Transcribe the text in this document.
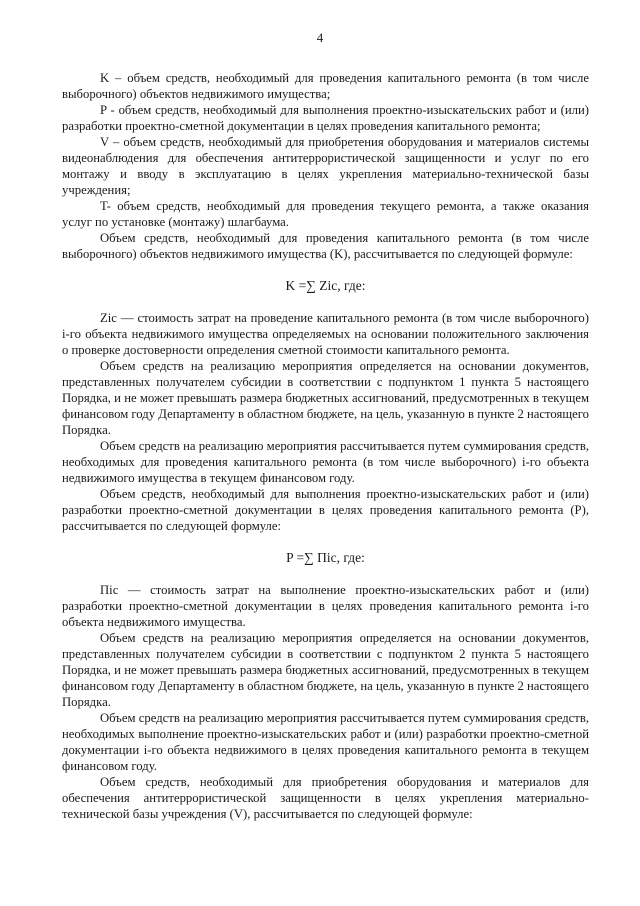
4

K – объем средств, необходимый для проведения капитального ремонта (в том числе выборочного) объектов недвижимого имущества;

P - объем средств, необходимый для выполнения проектно-изыскательских работ и (или) разработки проектно-сметной документации в целях проведения капитального ремонта;

V – объем средств, необходимый для приобретения оборудования и материалов системы видеонаблюдения для обеспечения антитеррористической защищенности и услуг по его монтажу и вводу в эксплуатацию в целях укрепления материально-технической базы учреждения;

T- объем средств, необходимый для проведения текущего ремонта, а также оказания услуг по установке (монтажу) шлагбаума.

Объем средств, необходимый для проведения капитального ремонта (в том числе выборочного) объектов недвижимого имущества (K), рассчитывается по следующей формуле:

K =∑ Zic, где:

Zic — стоимость затрат на проведение капитального ремонта (в том числе выборочного) i-го объекта недвижимого имущества определяемых на основании положительного заключения о проверке достоверности определения сметной стоимости капитального ремонта.

Объем средств на реализацию мероприятия определяется на основании документов, представленных получателем субсидии в соответствии с подпунктом 1 пункта 5 настоящего Порядка, и не может превышать размера бюджетных ассигнований, предусмотренных в текущем финансовом году Департаменту в областном бюджете, на цель, указанную в пункте 2 настоящего Порядка.

Объем средств на реализацию мероприятия рассчитывается путем суммирования средств, необходимых для проведения капитального ремонта (в том числе выборочного) i-го объекта недвижимого имущества в текущем финансовом году.

Объем средств, необходимый для выполнения проектно-изыскательских работ и (или) разработки проектно-сметной документации в целях проведения капитального ремонта (P), рассчитывается по следующей формуле:

P =∑ Пic, где:

Пic — стоимость затрат на выполнение проектно-изыскательских работ и (или) разработки проектно-сметной документации в целях проведения капитального ремонта i-го объекта недвижимого имущества.

Объем средств на реализацию мероприятия определяется на основании документов, представленных получателем субсидии в соответствии с подпунктом 2 пункта 5 настоящего Порядка, и не может превышать размера бюджетных ассигнований, предусмотренных в текущем финансовом году Департаменту в областном бюджете, на цель, указанную в пункте 2 настоящего Порядка.

Объем средств на реализацию мероприятия рассчитывается путем суммирования средств, необходимых выполнение проектно-изыскательских работ и (или) разработки проектно-сметной документации i-го объекта недвижимого в целях проведения капитального ремонта в текущем финансовом году.

Объем средств, необходимый для приобретения оборудования и материалов для обеспечения антитеррористической защищенности в целях укрепления материально-технической базы учреждения (V), рассчитывается по следующей формуле:
